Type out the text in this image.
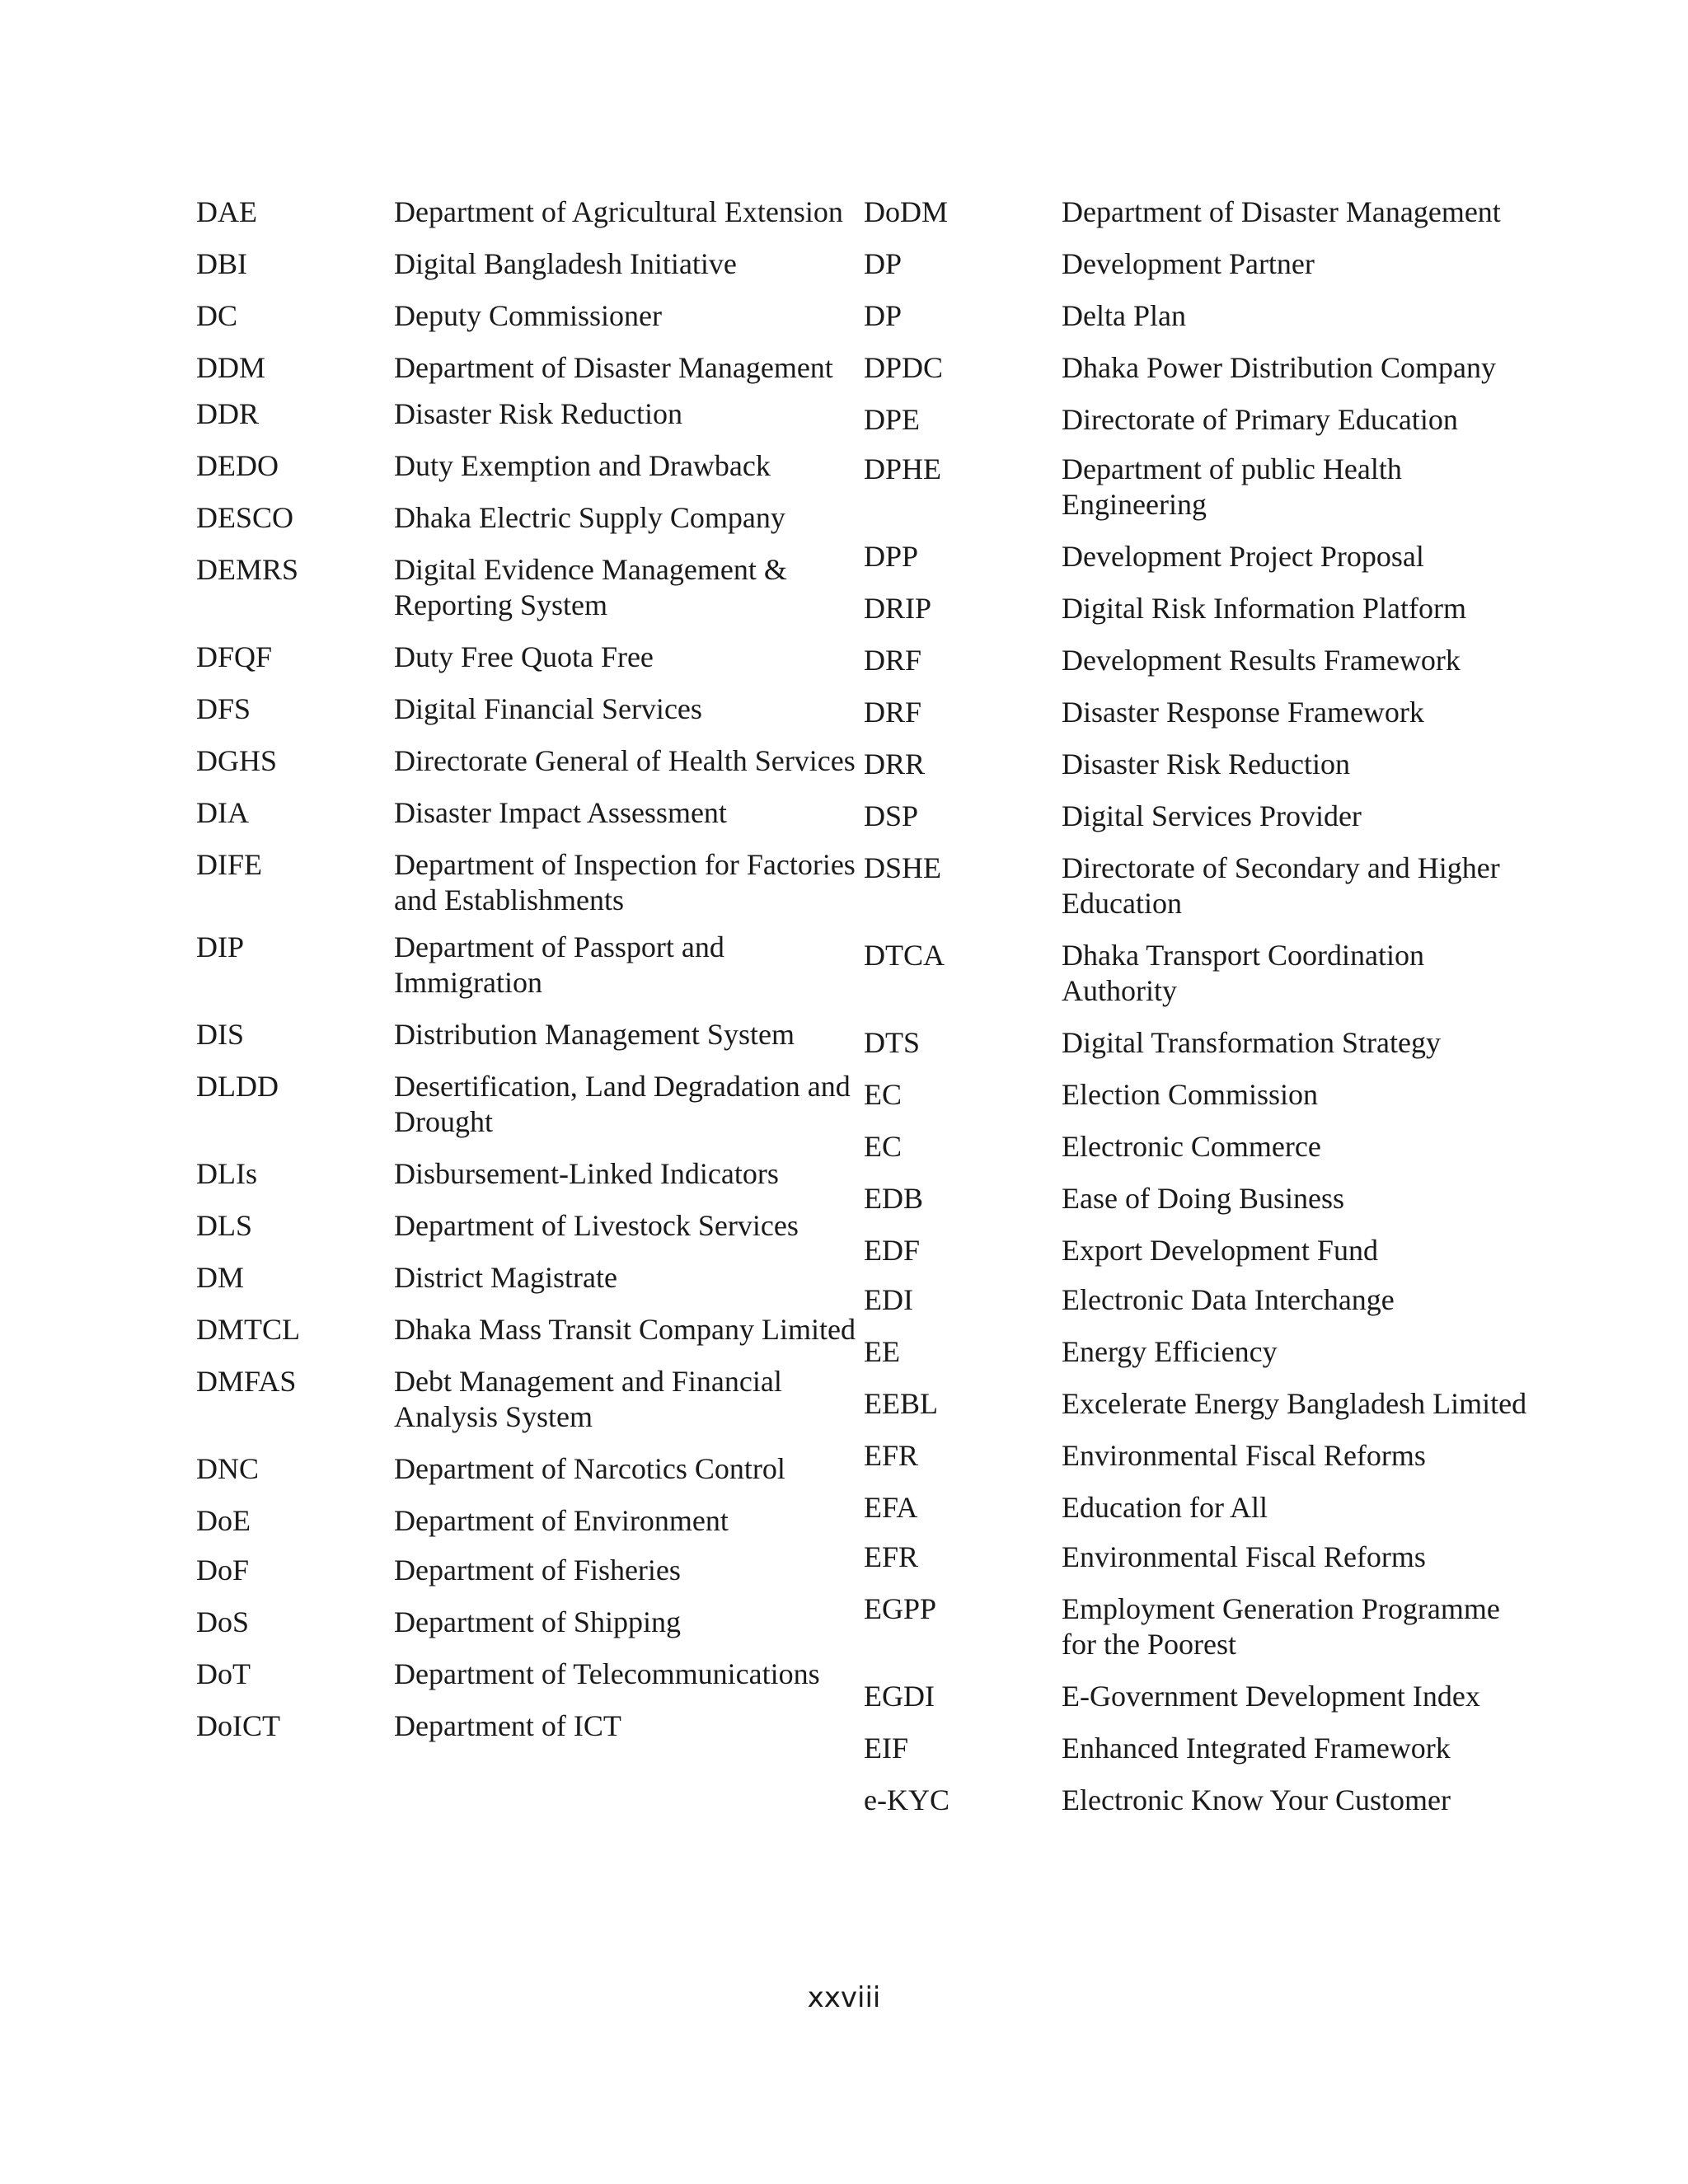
DAE	Department of Agricultural Extension
DBI	Digital Bangladesh Initiative
DC	Deputy Commissioner
DDM	Department of Disaster Management
DDR	Disaster Risk Reduction
DEDO	Duty Exemption and Drawback
DESCO	Dhaka Electric Supply Company
DEMRS	Digital Evidence Management & Reporting System
DFQF	Duty Free Quota Free
DFS	Digital Financial Services
DGHS	Directorate General of Health Services
DIA	Disaster Impact Assessment
DIFE	Department of Inspection for Factories and Establishments
DIP	Department of Passport and Immigration
DIS	Distribution Management System
DLDD	Desertification, Land Degradation and Drought
DLIs	Disbursement-Linked Indicators
DLS	Department of Livestock Services
DM	District Magistrate
DMTCL	Dhaka Mass Transit Company Limited
DMFAS	Debt Management and Financial Analysis System
DNC	Department of Narcotics Control
DoE	Department of Environment
DoF	Department of Fisheries
DoS	Department of Shipping
DoT	Department of Telecommunications
DoICT	Department of ICT
DoDM	Department of Disaster Management
DP	Development Partner
DP	Delta Plan
DPDC	Dhaka Power Distribution Company
DPE	Directorate of Primary Education
DPHE	Department of public Health Engineering
DPP	Development Project Proposal
DRIP	Digital Risk Information Platform
DRF	Development Results Framework
DRF	Disaster Response Framework
DRR	Disaster Risk Reduction
DSP	Digital Services Provider
DSHE	Directorate of Secondary and Higher Education
DTCA	Dhaka Transport Coordination Authority
DTS	Digital Transformation Strategy
EC	Election Commission
EC	Electronic Commerce
EDB	Ease of Doing Business
EDF	Export Development Fund
EDI	Electronic Data Interchange
EE	Energy Efficiency
EEBL	Excelerate Energy Bangladesh Limited
EFR	Environmental Fiscal Reforms
EFA	Education for All
EFR	Environmental Fiscal Reforms
EGPP	Employment Generation Programme for the Poorest
EGDI	E-Government Development Index
EIF	Enhanced Integrated Framework
e-KYC	Electronic Know Your Customer
xxviii
